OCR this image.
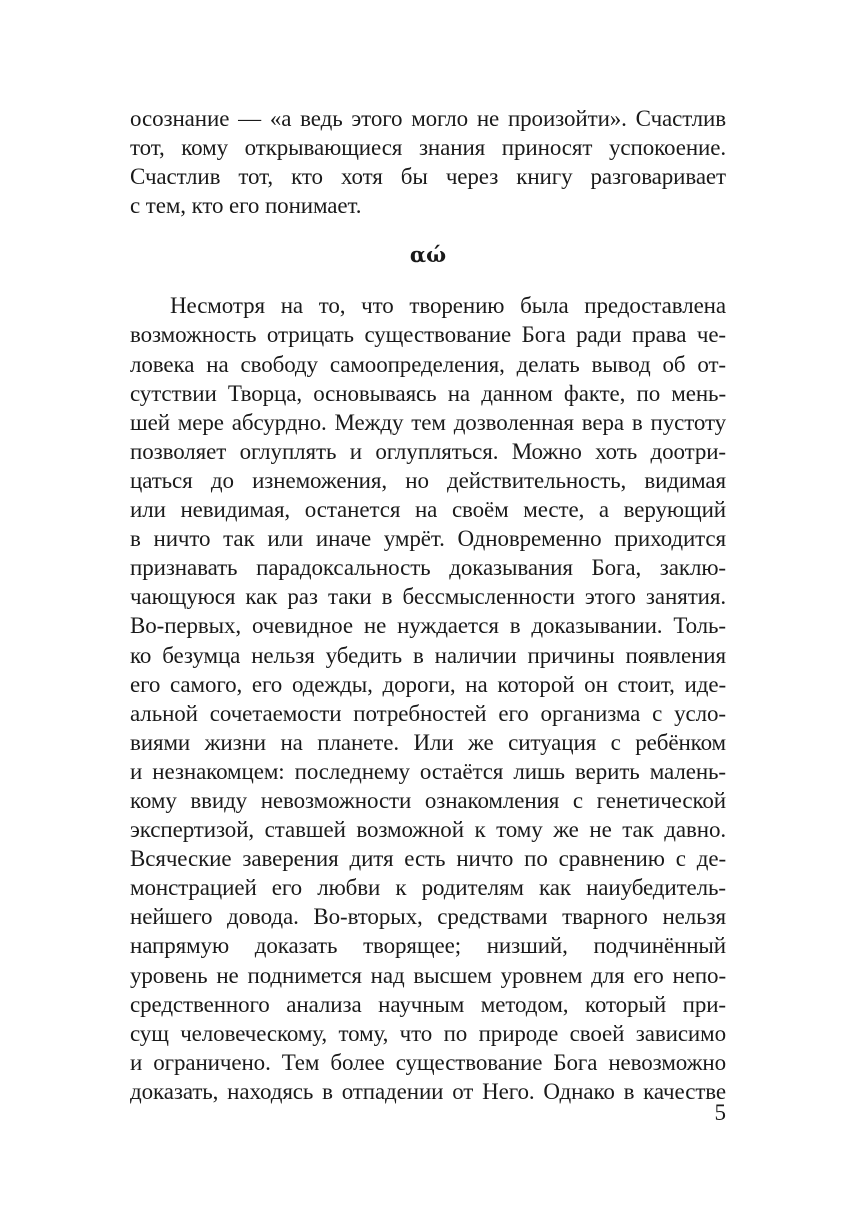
осознание — «а ведь этого могло не произойти». Счастлив
тот, кому открывающиеся знания приносят успокоение.
Счастлив тот, кто хотя бы через книгу разговаривает
с тем, кто его понимает.
αώ
Несмотря на то, что творению была предоставлена
возможность отрицать существование Бога ради права че-
ловека на свободу самоопределения, делать вывод об от-
сутствии Творца, основываясь на данном факте, по мень-
шей мере абсурдно. Между тем дозволенная вера в пустоту
позволяет оглуплять и оглупляться. Можно хоть доотри-
цаться до изнеможения, но действительность, видимая
или невидимая, останется на своём месте, а верующий
в ничто так или иначе умрёт. Одновременно приходится
признавать парадоксальность доказывания Бога, заклю-
чающуюся как раз таки в бессмысленности этого занятия.
Во-первых, очевидное не нуждается в доказывании. Толь-
ко безумца нельзя убедить в наличии причины появления
его самого, его одежды, дороги, на которой он стоит, иде-
альной сочетаемости потребностей его организма с усло-
виями жизни на планете. Или же ситуация с ребёнком
и незнакомцем: последнему остаётся лишь верить малень-
кому ввиду невозможности ознакомления с генетической
экспертизой, ставшей возможной к тому же не так давно.
Всяческие заверения дитя есть ничто по сравнению с де-
монстрацией его любви к родителям как наиубедитель-
нейшего довода. Во-вторых, средствами тварного нельзя
напрямую доказать творящее; низший, подчинённый
уровень не поднимется над высшем уровнем для его непо-
средственного анализа научным методом, который при-
сущ человеческому, тому, что по природе своей зависимо
и ограничено. Тем более существование Бога невозможно
доказать, находясь в отпадении от Него. Однако в качестве
5
